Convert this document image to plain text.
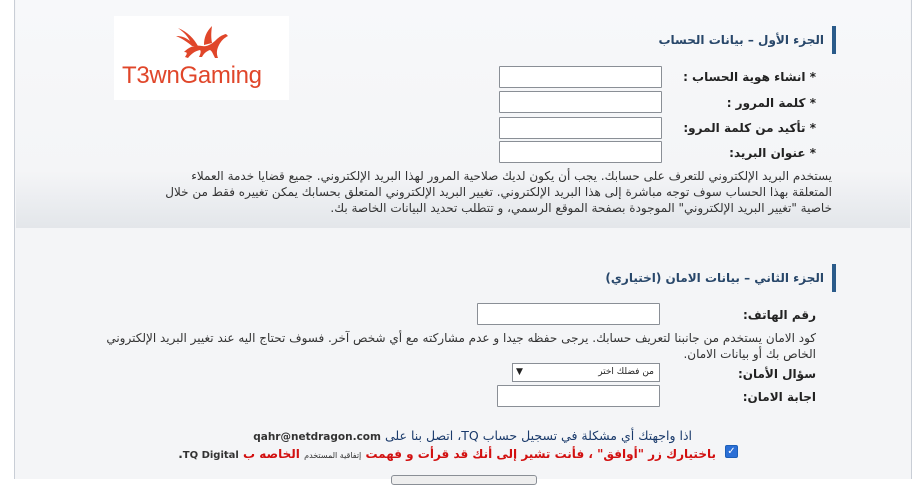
الجزء الأول – بيانات الحساب
T3wnGaming	* انشاء هوية الحساب :
* كلمة المرور :
* تأكيد من كلمة المرو:
* عنوان البريد:
يستخدم البريد الإلكتروني للتعرف على حسابك. يجب أن يكون لديك صلاحية المرور لهذا البريد الإلكتروني. جميع قضايا خدمة العملاء
المتعلقة بهذا الحساب سوف توجه مباشرة إلى هذا البريد الإلكتروني. تغيير البريد الإلكتروني المتعلق بحسابك يمكن تغييره فقط من خلال
خاصية "تغيير البريد الإلكتروني" الموجودة بصفحة الموقع الرسمي، و تتطلب تحديد البيانات الخاصة بك.
الجزء الثاني – بيانات الامان (اختياري)
رقم الهاتف:
كود الامان يستخدم من جانبنا لتعريف حسابك. يرجى حفظه جيدا و عدم مشاركته مع أي شخص آخر. فسوف تحتاج اليه عند تغيير البريد الإلكتروني
الخاص بك أو بيانات الامان.
سؤال الأمان:
▼	من فضلك اختر
اجابة الامان:
اذا واجهتك أي مشكلة في تسجيل حساب TQ، اتصل بنا على qahr@netdragon.com
✓
باختيارك زر "أوافق" ، فأنت تشير إلى أنك قد قرأت و فهمت إتفاقية المستخدم الخاصه ب TQ Digital.
